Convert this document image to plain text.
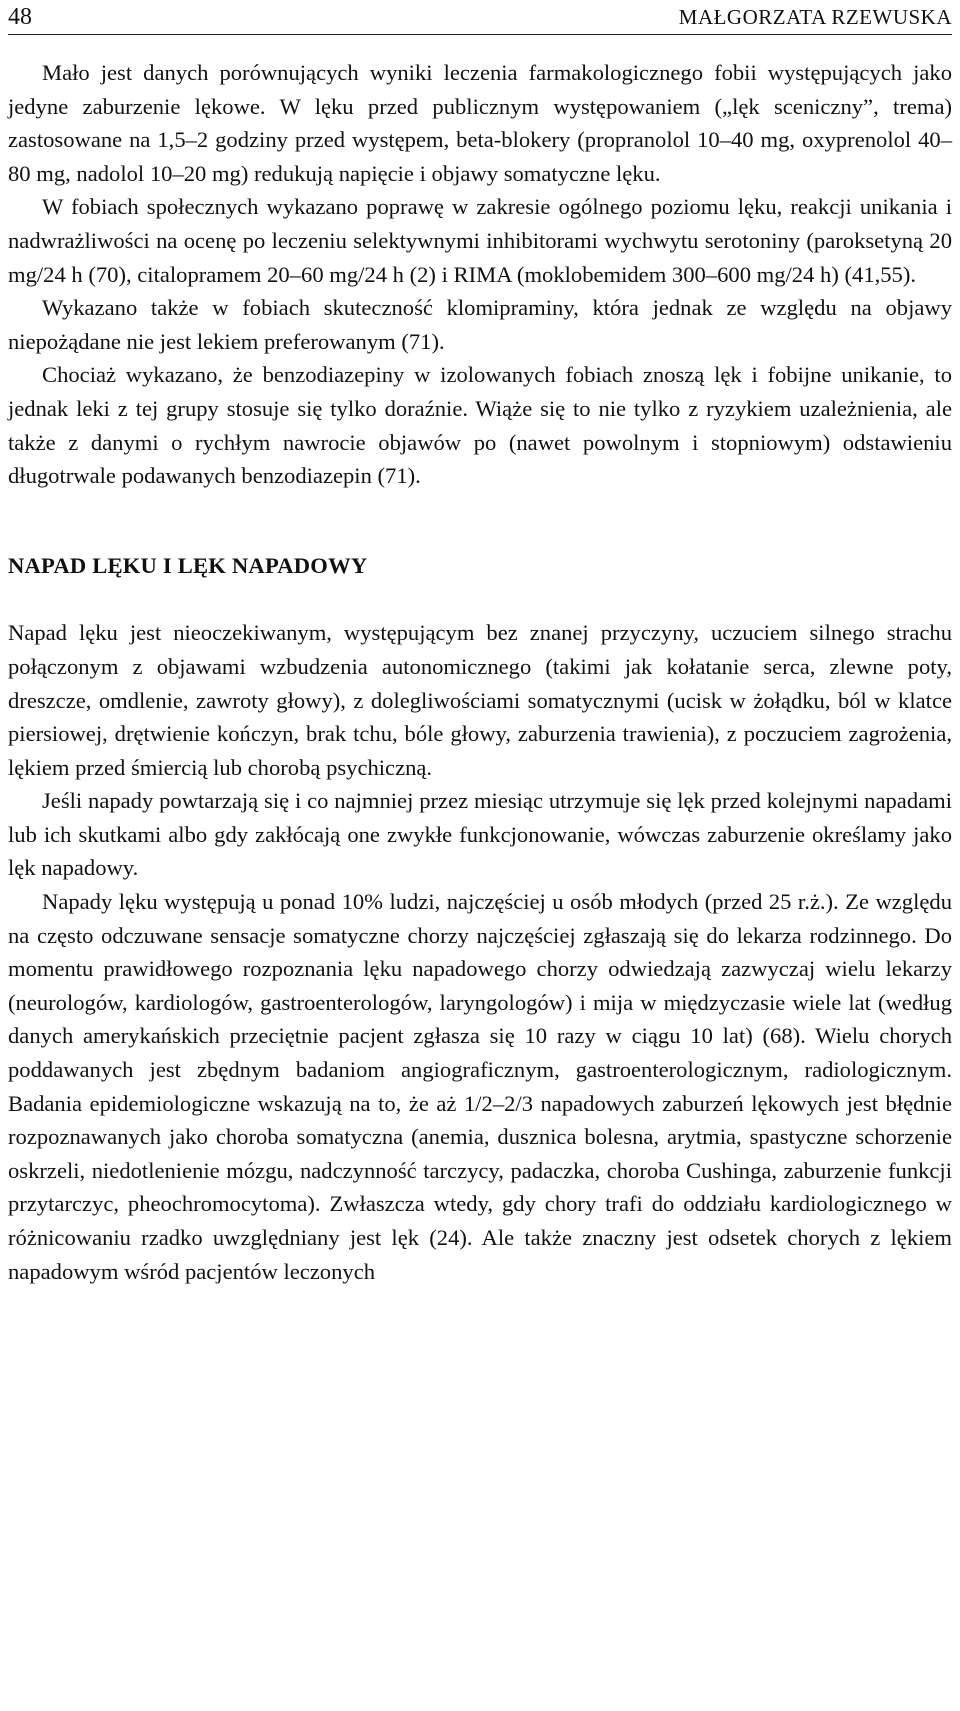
48	MAŁGORZATA RZEWUSKA

Mało jest danych porównujących wyniki leczenia farmakologicznego fobii występujących jako jedyne zaburzenie lękowe. W lęku przed publicznym występowaniem („lęk sceniczny”, trema) zastosowane na 1,5–2 godziny przed występem, beta-blokery (propranolol 10–40 mg, oxyprenolol 40–80 mg, nadolol 10–20 mg) redukują napięcie i objawy somatyczne lęku.

W fobiach społecznych wykazano poprawę w zakresie ogólnego poziomu lęku, reakcji unikania i nadwrażliwości na ocenę po leczeniu selektywnymi inhibitorami wychwytu serotoniny (paroksetyną 20 mg/24 h (70), citalopramem 20–60 mg/24 h (2) i RIMA (moklobemidem 300–600 mg/24 h) (41,55).

Wykazano także w fobiach skuteczność klomipraminy, która jednak ze względu na objawy niepożądane nie jest lekiem preferowanym (71).

Chociaż wykazano, że benzodiazepiny w izolowanych fobiach znoszą lęk i fobijne unikanie, to jednak leki z tej grupy stosuje się tylko doraźnie. Wiąże się to nie tylko z ryzykiem uzależnienia, ale także z danymi o rychłym nawrocie objawów po (nawet powolnym i stopniowym) odstawieniu długotrwale podawanych benzodiazepin (71).

NAPAD LĘKU I LĘK NAPADOWY

Napad lęku jest nieoczekiwanym, występującym bez znanej przyczyny, uczuciem silnego strachu połączonym z objawami wzbudzenia autonomicznego (takimi jak kołatanie serca, zlewne poty, dreszcze, omdlenie, zawroty głowy), z dolegliwościami somatycznymi (ucisk w żołądku, ból w klatce piersiowej, drętwienie kończyn, brak tchu, bóle głowy, zaburzenia trawienia), z poczuciem zagrożenia, lękiem przed śmiercią lub chorobą psychiczną.

Jeśli napady powtarzają się i co najmniej przez miesiąc utrzymuje się lęk przed kolejnymi napadami lub ich skutkami albo gdy zakłócają one zwykłe funkcjonowanie, wówczas zaburzenie określamy jako lęk napadowy.

Napady lęku występują u ponad 10% ludzi, najczęściej u osób młodych (przed 25 r.ż.). Ze względu na często odczuwane sensacje somatyczne chorzy najczęściej zgłaszają się do lekarza rodzinnego. Do momentu prawidłowego rozpoznania lęku napadowego chorzy odwiedzają zazwyczaj wielu lekarzy (neurologów, kardiologów, gastroenterologów, laryngologów) i mija w międzyczasie wiele lat (według danych amerykańskich przeciętnie pacjent zgłasza się 10 razy w ciągu 10 lat) (68). Wielu chorych poddawanych jest zbędnym badaniom angiograficznym, gastroenterologicznym, radiologicznym. Badania epidemiologiczne wskazują na to, że aż 1/2–2/3 napadowych zaburzeń lękowych jest błędnie rozpoznawanych jako choroba somatyczna (anemia, dusznica bolesna, arytmia, spastyczne schorzenie oskrzeli, niedotlenienie mózgu, nadczynność tarczycy, padaczka, choroba Cushinga, zaburzenie funkcji przytarczyc, pheochromocytoma). Zwłaszcza wtedy, gdy chory trafi do oddziału kardiologicznego w różnicowaniu rzadko uwzględniany jest lęk (24). Ale także znaczny jest odsetek chorych z lękiem napadowym wśród pacjentów leczonych
